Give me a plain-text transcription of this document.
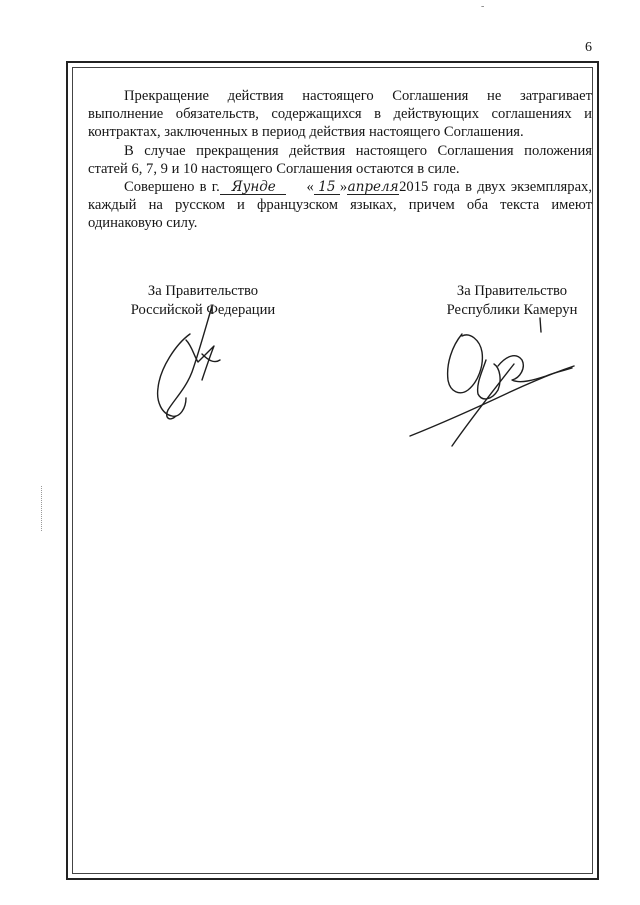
-
6

Прекращение действия настоящего Соглашения не затрагивает выполнение обязательств, содержащихся в действующих соглашениях и контрактах, заключенных в период действия настоящего Соглашения.

В случае прекращения действия настоящего Соглашения положения статей 6, 7, 9 и 10 настоящего Соглашения остаются в силе.

Совершено в г. Яунде « 15 »апреля2015 года в двух экземплярах, каждый на русском и французском языках, причем оба текста имеют одинаковую силу.

За Правительство
Российской Федерации
За Правительство
Республики Камерун
